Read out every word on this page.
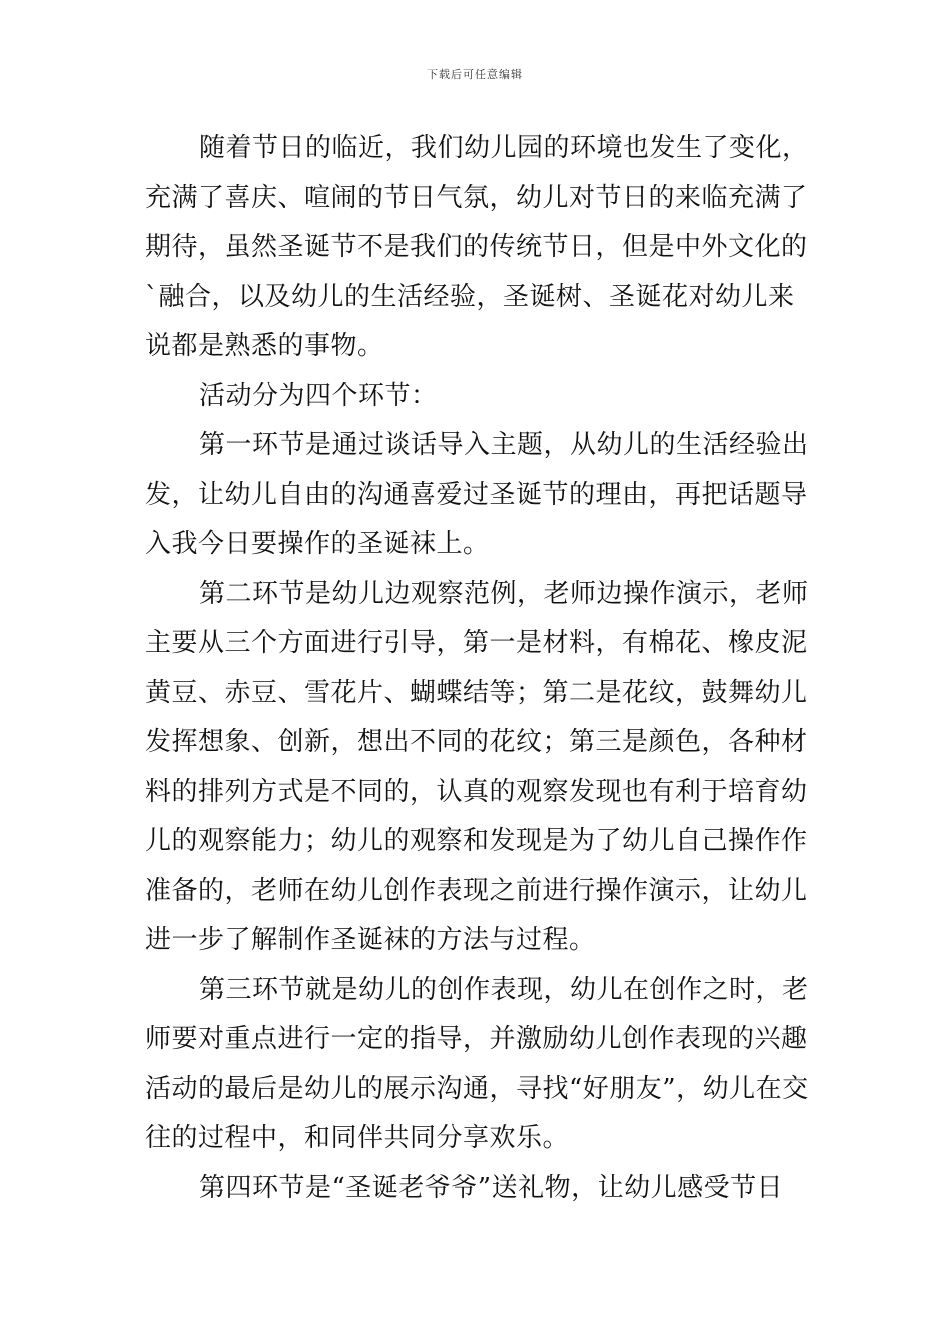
下载后可任意编辑

随着节日的临近，我们幼儿园的环境也发生了变化，充满了喜庆、喧闹的节日气氛，幼儿对节日的来临充满了期待，虽然圣诞节不是我们的传统节日，但是中外文化的`融合，以及幼儿的生活经验，圣诞树、圣诞花对幼儿来说都是熟悉的事物。

活动分为四个环节：

第一环节是通过谈话导入主题，从幼儿的生活经验出发，让幼儿自由的沟通喜爱过圣诞节的理由，再把话题导入我今日要操作的圣诞袜上。

第二环节是幼儿边观察范例，老师边操作演示，老师主要从三个方面进行引导，第一是材料，有棉花、橡皮泥黄豆、赤豆、雪花片、蝴蝶结等；第二是花纹，鼓舞幼儿发挥想象、创新，想出不同的花纹；第三是颜色，各种材料的排列方式是不同的，认真的观察发现也有利于培育幼儿的观察能力；幼儿的观察和发现是为了幼儿自己操作作准备的，老师在幼儿创作表现之前进行操作演示，让幼儿进一步了解制作圣诞袜的方法与过程。

第三环节就是幼儿的创作表现，幼儿在创作之时，老师要对重点进行一定的指导，并激励幼儿创作表现的兴趣活动的最后是幼儿的展示沟通，寻找“好朋友”，幼儿在交往的过程中，和同伴共同分享欢乐。

第四环节是“圣诞老爷爷”送礼物，让幼儿感受节日
